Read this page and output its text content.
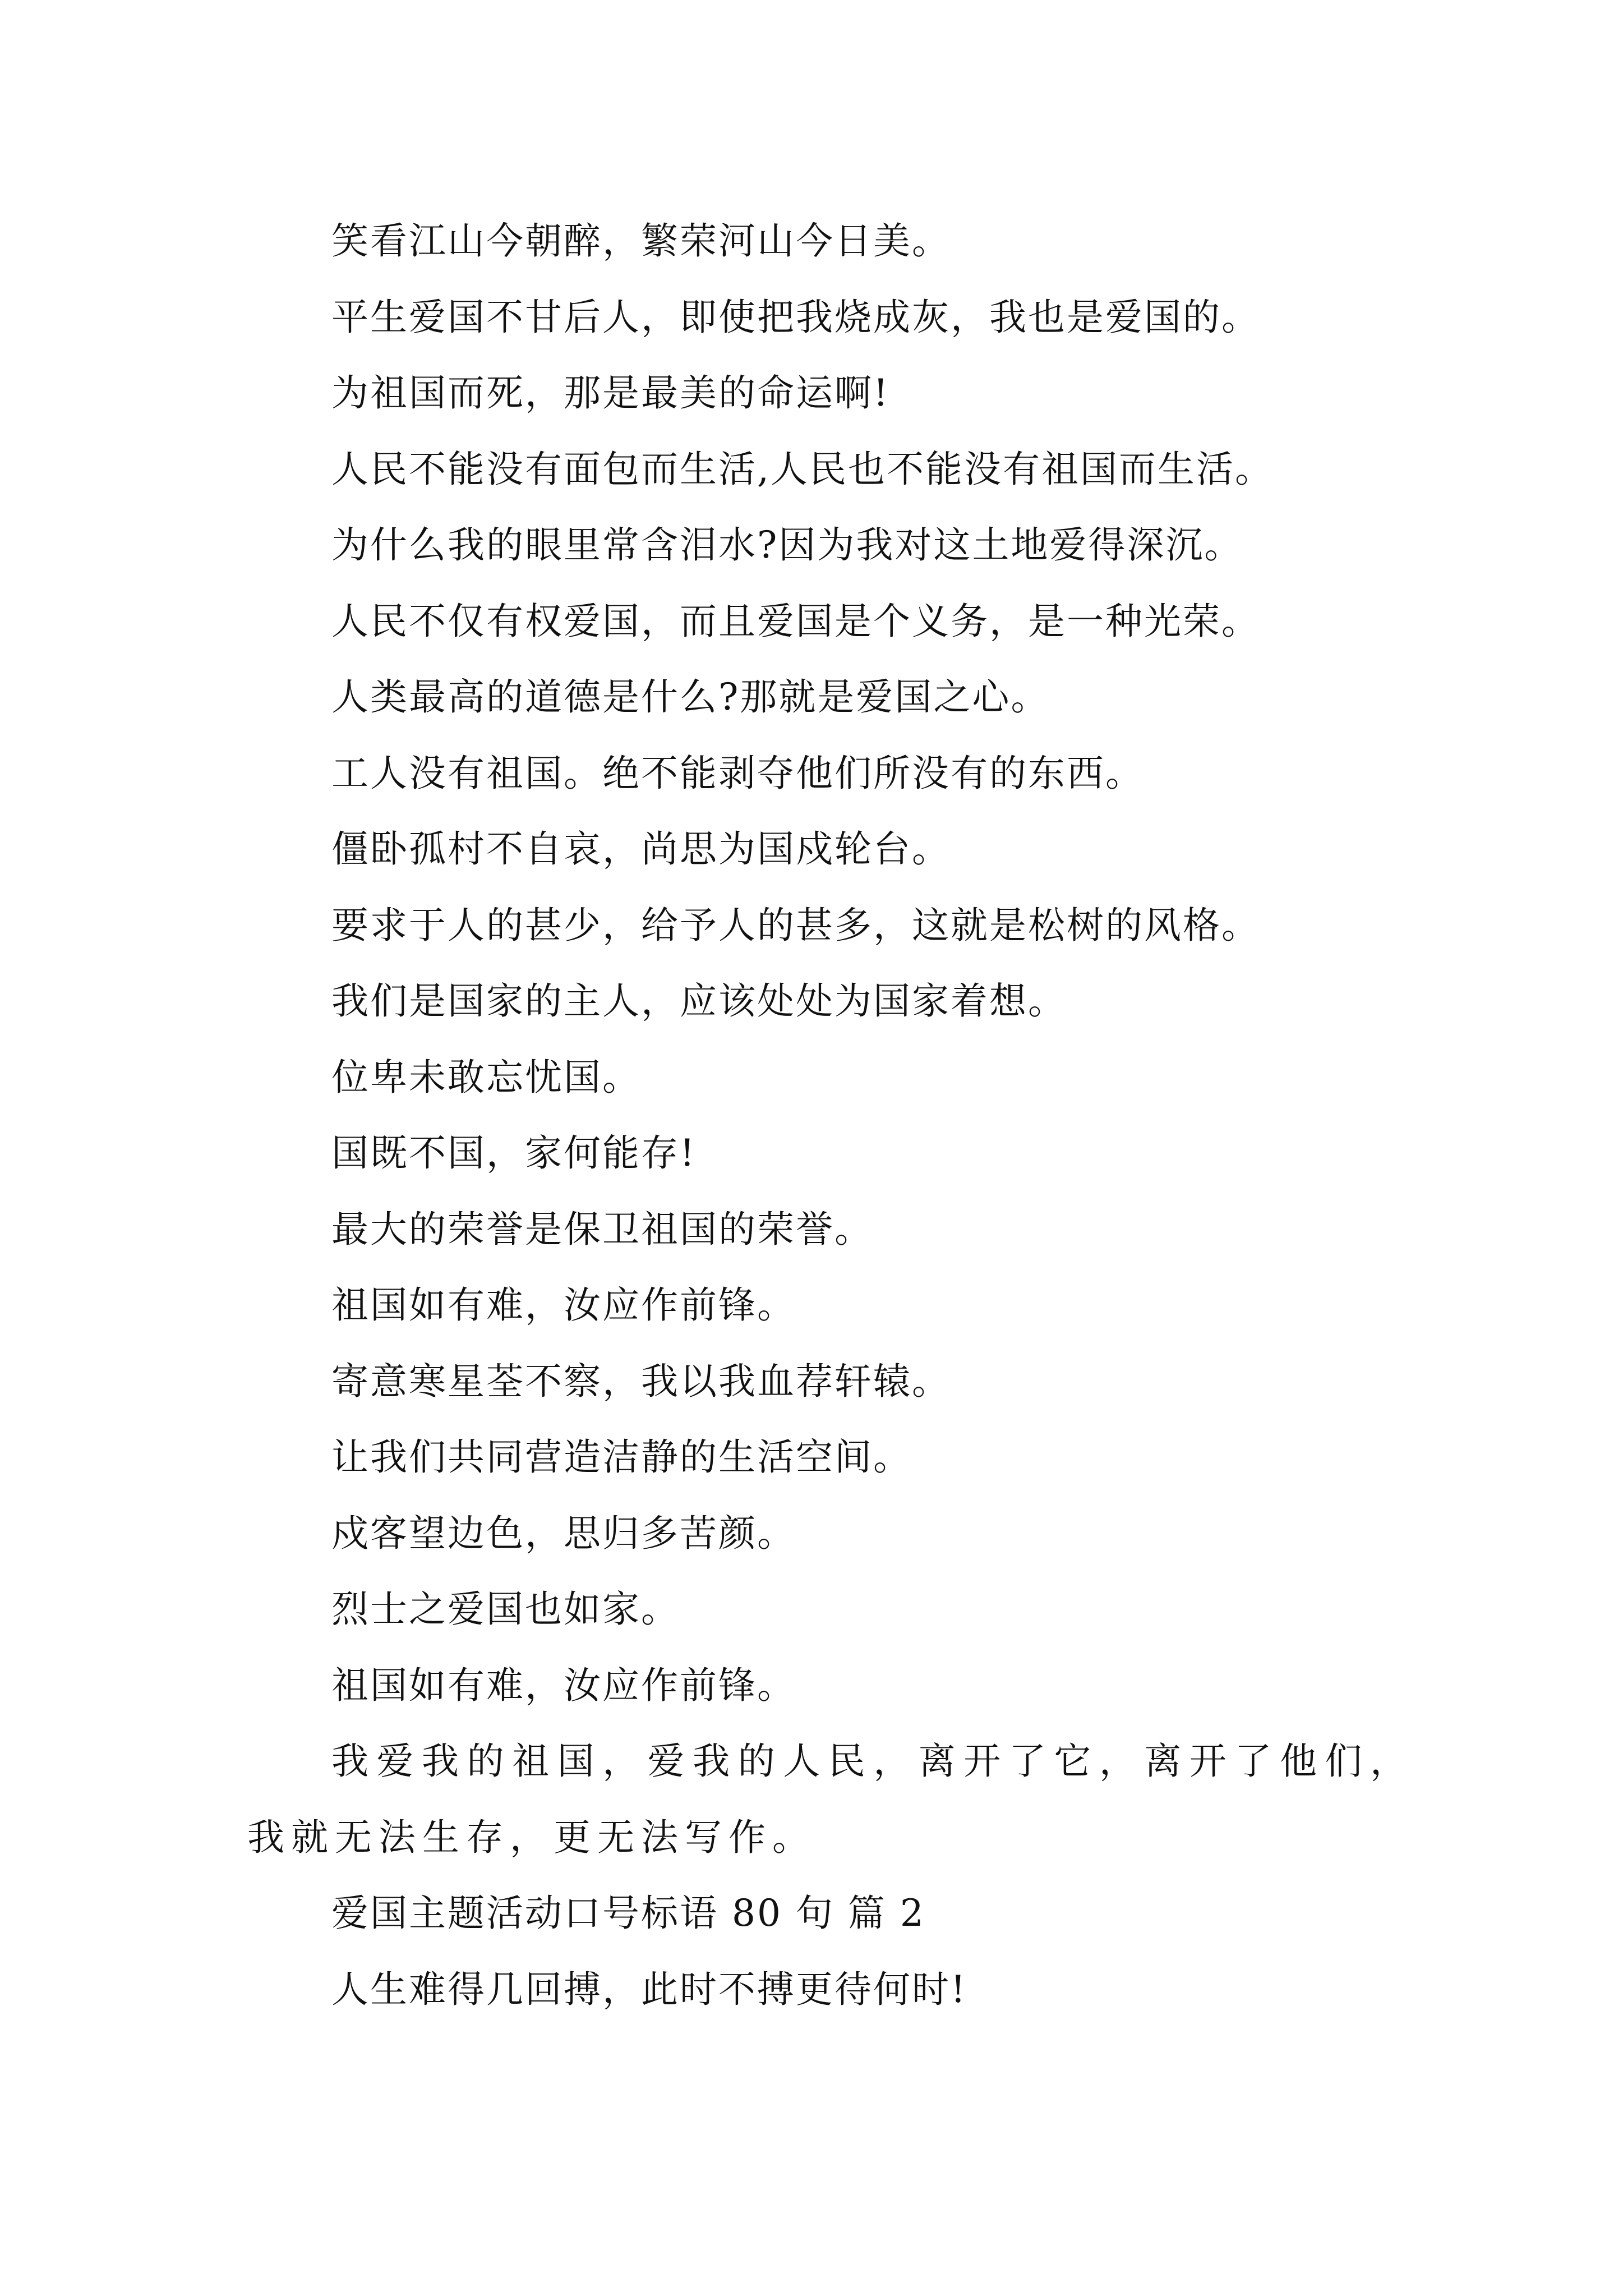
笑看江山今朝醉，繁荣河山今日美。

平生爱国不甘后人，即使把我烧成灰，我也是爱国的。

为祖国而死，那是最美的命运啊!

人民不能没有面包而生活,人民也不能没有祖国而生活。

为什么我的眼里常含泪水?因为我对这土地爱得深沉。

人民不仅有权爱国，而且爱国是个义务，是一种光荣。

人类最高的道德是什么?那就是爱国之心。

工人没有祖国。绝不能剥夺他们所没有的东西。

僵卧孤村不自哀，尚思为国戍轮台。

要求于人的甚少，给予人的甚多，这就是松树的风格。

我们是国家的主人，应该处处为国家着想。

位卑未敢忘忧国。

国既不国，家何能存!

最大的荣誉是保卫祖国的荣誉。

祖国如有难，汝应作前锋。

寄意寒星荃不察，我以我血荐轩辕。

让我们共同营造洁静的生活空间。

戍客望边色，思归多苦颜。

烈士之爱国也如家。

祖国如有难，汝应作前锋。

我爱我的祖国，爱我的人民，离开了它，离开了他们，我就无法生存，更无法写作。

爱国主题活动口号标语 80 句 篇 2

人生难得几回搏，此时不搏更待何时!
